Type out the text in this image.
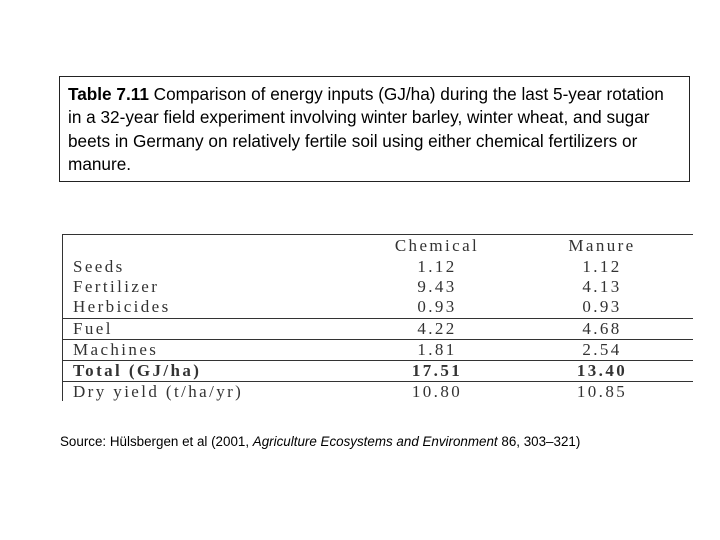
Table 7.11 Comparison of energy inputs (GJ/ha) during the last 5-year rotation in a 32-year field experiment involving winter barley, winter wheat, and sugar beets in Germany on relatively fertile soil using either chemical fertilizers or manure.
	Chemical	Manure
Seeds	1.12	1.12
Fertilizer	9.43	4.13
Herbicides	0.93	0.93
Fuel	4.22	4.68
Machines	1.81	2.54
Total (GJ/ha)	17.51	13.40
Dry yield (t/ha/yr)	10.80	10.85
Source: Hülsbergen et al (2001, Agriculture Ecosystems and Environment 86, 303–321)
